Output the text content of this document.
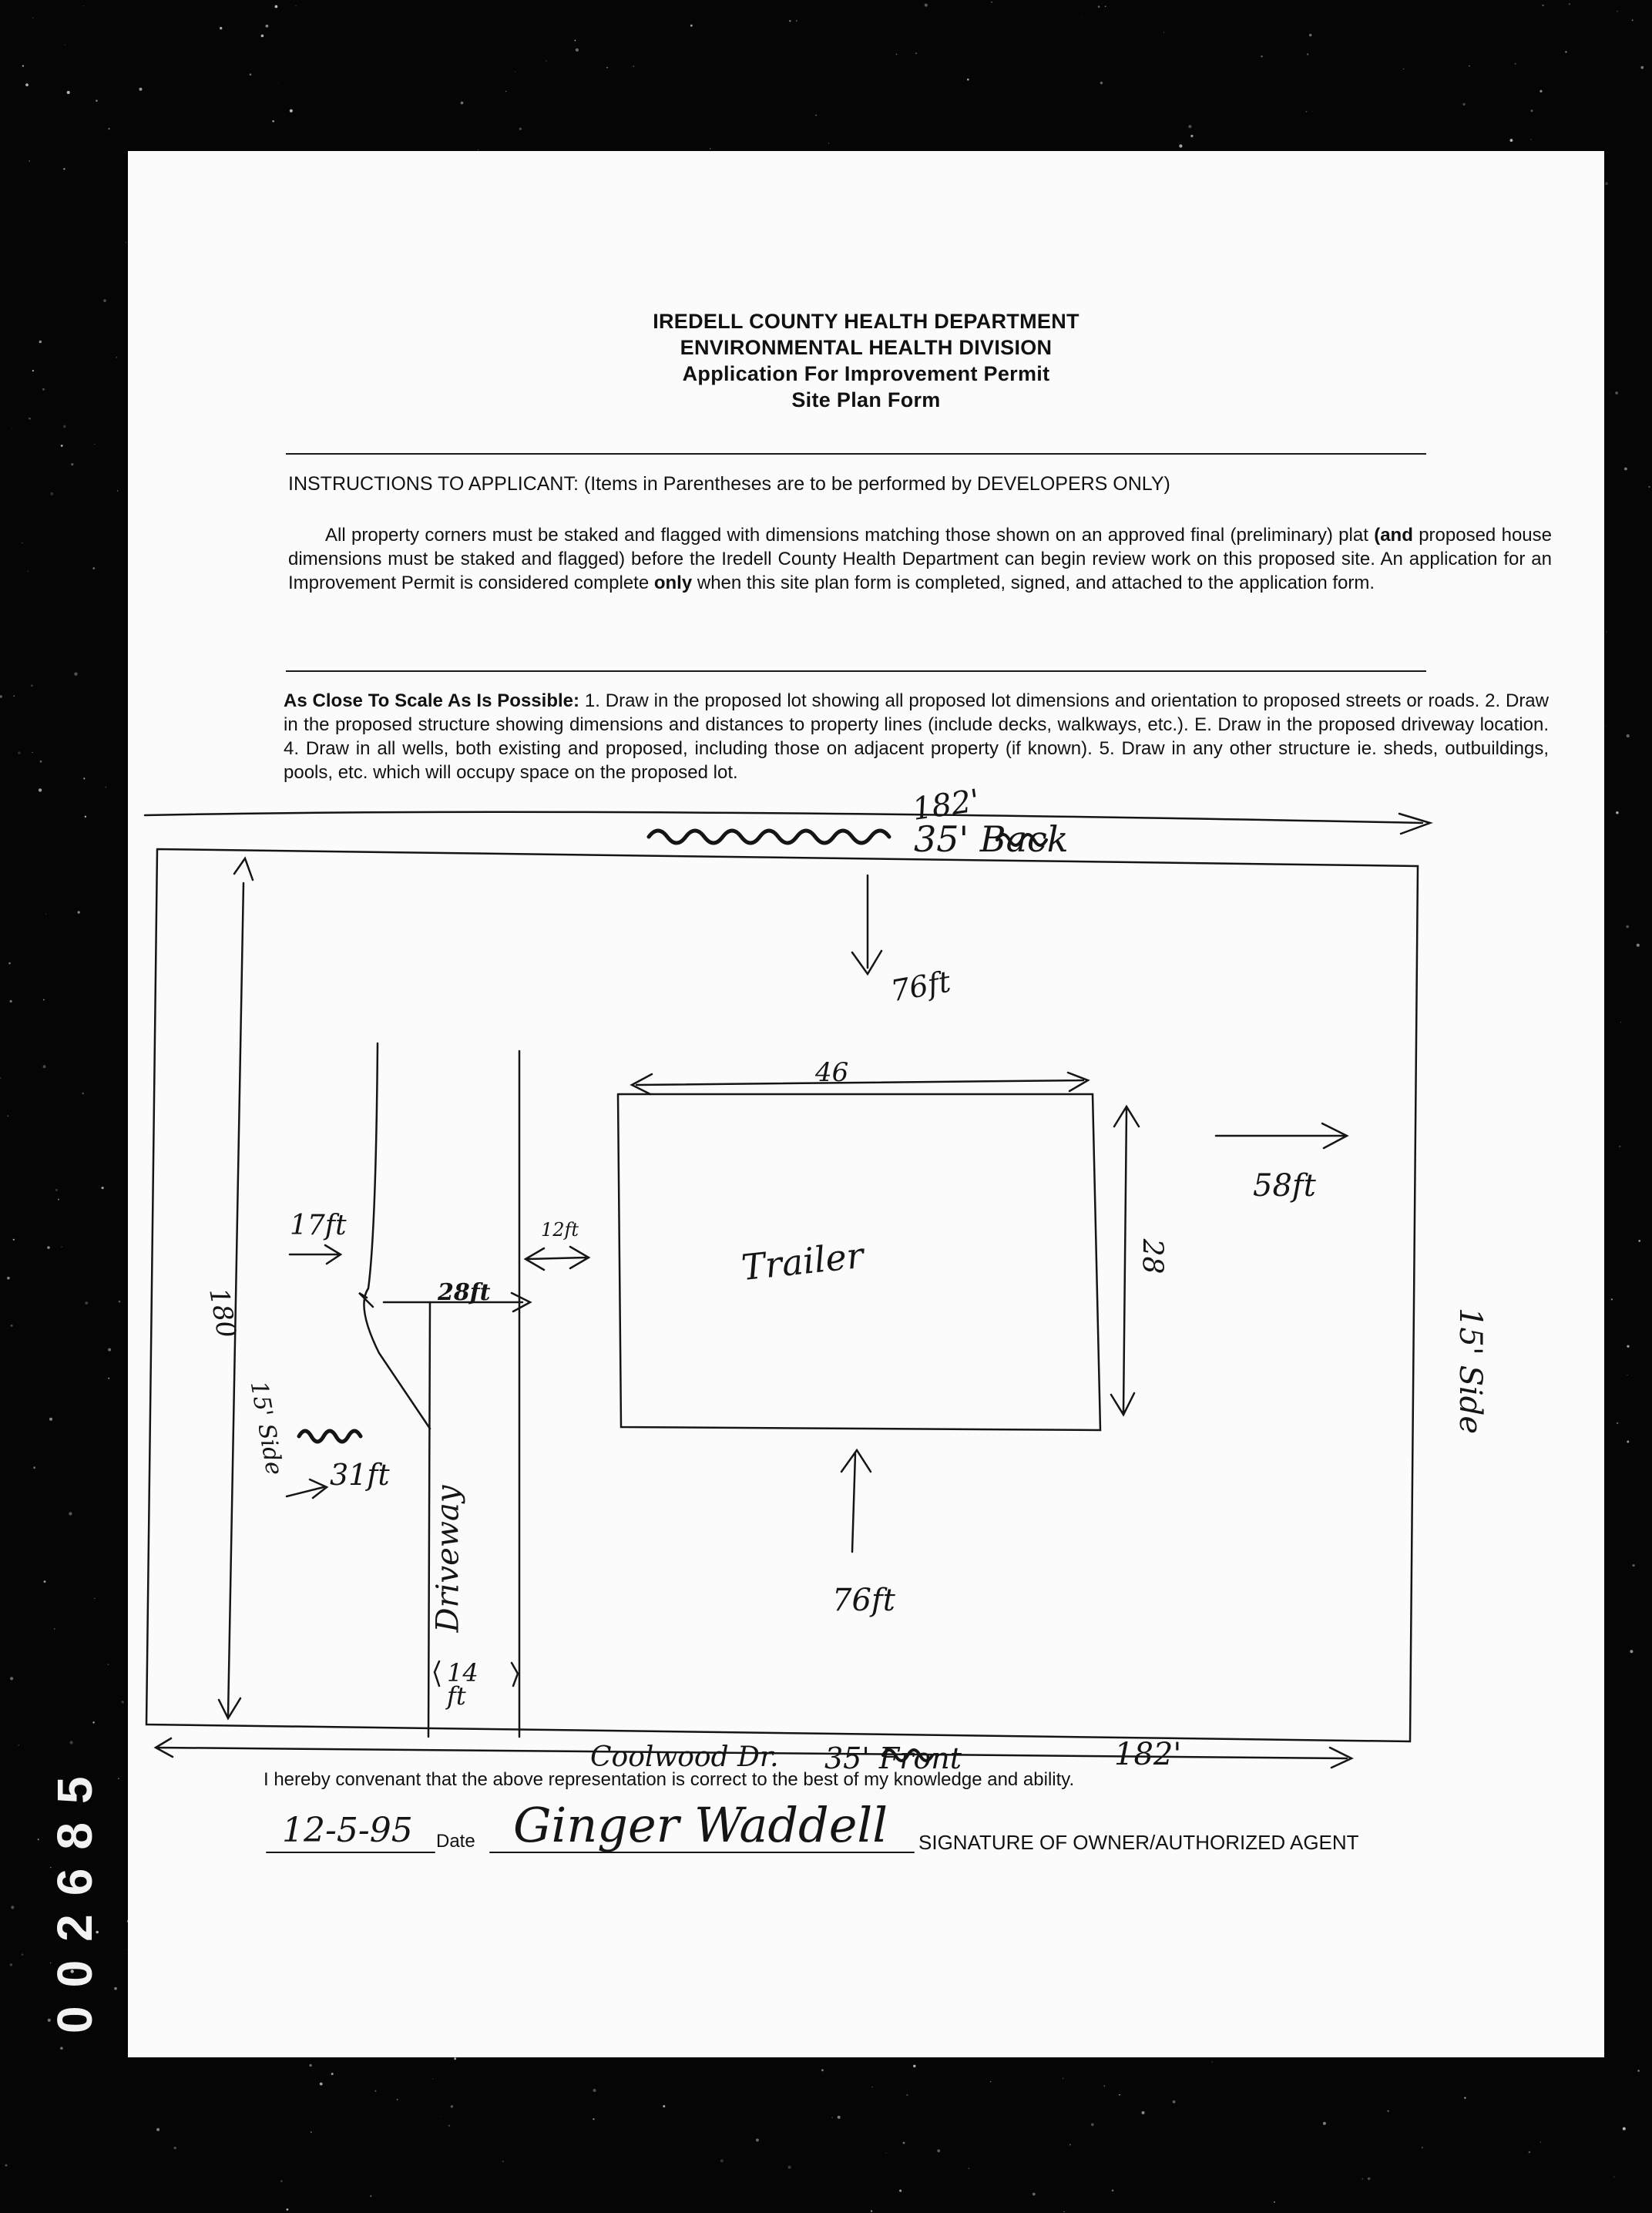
002685
IREDELL COUNTY HEALTH DEPARTMENT
ENVIRONMENTAL HEALTH DIVISION
Application For Improvement Permit
Site Plan Form
INSTRUCTIONS TO APPLICANT: (Items in Parentheses are to be performed by DEVELOPERS ONLY)

All property corners must be staked and flagged with dimensions matching those shown on an approved final (preliminary) plat (and proposed house dimensions must be staked and flagged) before the Iredell County Health Department can begin review work on this proposed site. An application for an Improvement Permit is considered complete only when this site plan form is completed, signed, and attached to the application form.

As Close To Scale As Is Possible: 1. Draw in the proposed lot showing all proposed lot dimensions and orientation to proposed streets or roads. 2. Draw in the proposed structure showing dimensions and distances to property lines (include decks, walkways, etc.). E. Draw in the proposed driveway location. 4. Draw in all wells, both existing and proposed, including those on adjacent property (if known). 5. Draw in any other structure ie. sheds, outbuildings, pools, etc. which will occupy space on the proposed lot.

182'
35' Back
76ft
46
28
58ft
15' Side
Trailer
180
15' Side
17ft	12ft
28ft
31ft
Driveway
14 ft
76ft
Coolwood Dr. 35' Front	182'
I hereby convenant that the above representation is correct to the best of my knowledge and ability.
12-5-95 Date Ginger Waddell SIGNATURE OF OWNER/AUTHORIZED AGENT
